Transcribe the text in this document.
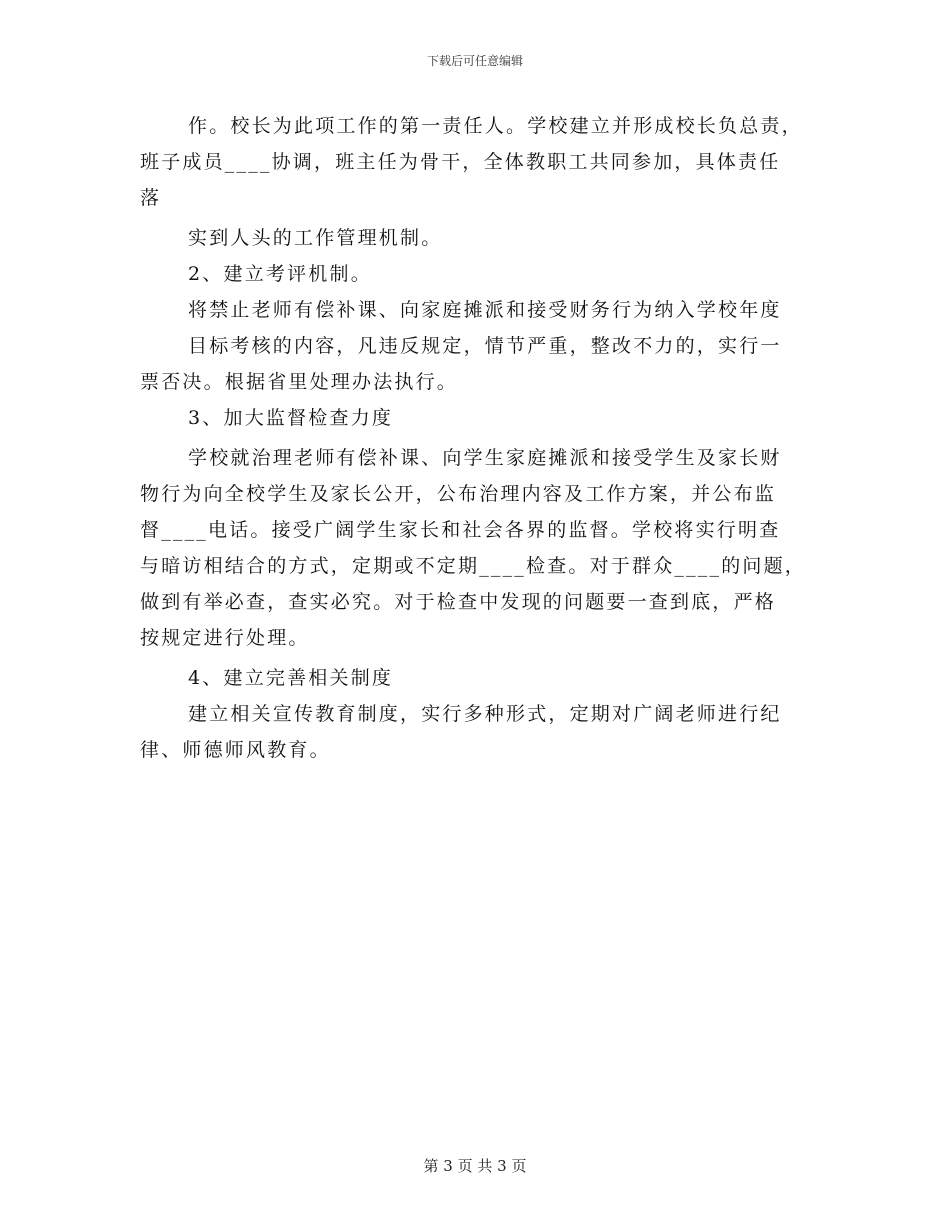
下载后可任意编辑
作。校长为此项工作的第一责任人。学校建立并形成校长负总责，
班子成员____协调，班主任为骨干，全体教职工共同参加，具体责任
落
实到人头的工作管理机制。
2、建立考评机制。
将禁止老师有偿补课、向家庭摊派和接受财务行为纳入学校年度
目标考核的内容，凡违反规定，情节严重，整改不力的，实行一
票否决。根据省里处理办法执行。
3、加大监督检查力度
学校就治理老师有偿补课、向学生家庭摊派和接受学生及家长财
物行为向全校学生及家长公开，公布治理内容及工作方案，并公布监
督____电话。接受广阔学生家长和社会各界的监督。学校将实行明查
与暗访相结合的方式，定期或不定期____检查。对于群众____的问题，
做到有举必查，查实必究。对于检查中发现的问题要一查到底，严格
按规定进行处理。
4、建立完善相关制度
建立相关宣传教育制度，实行多种形式，定期对广阔老师进行纪
律、师德师风教育。
第 3 页 共 3 页
